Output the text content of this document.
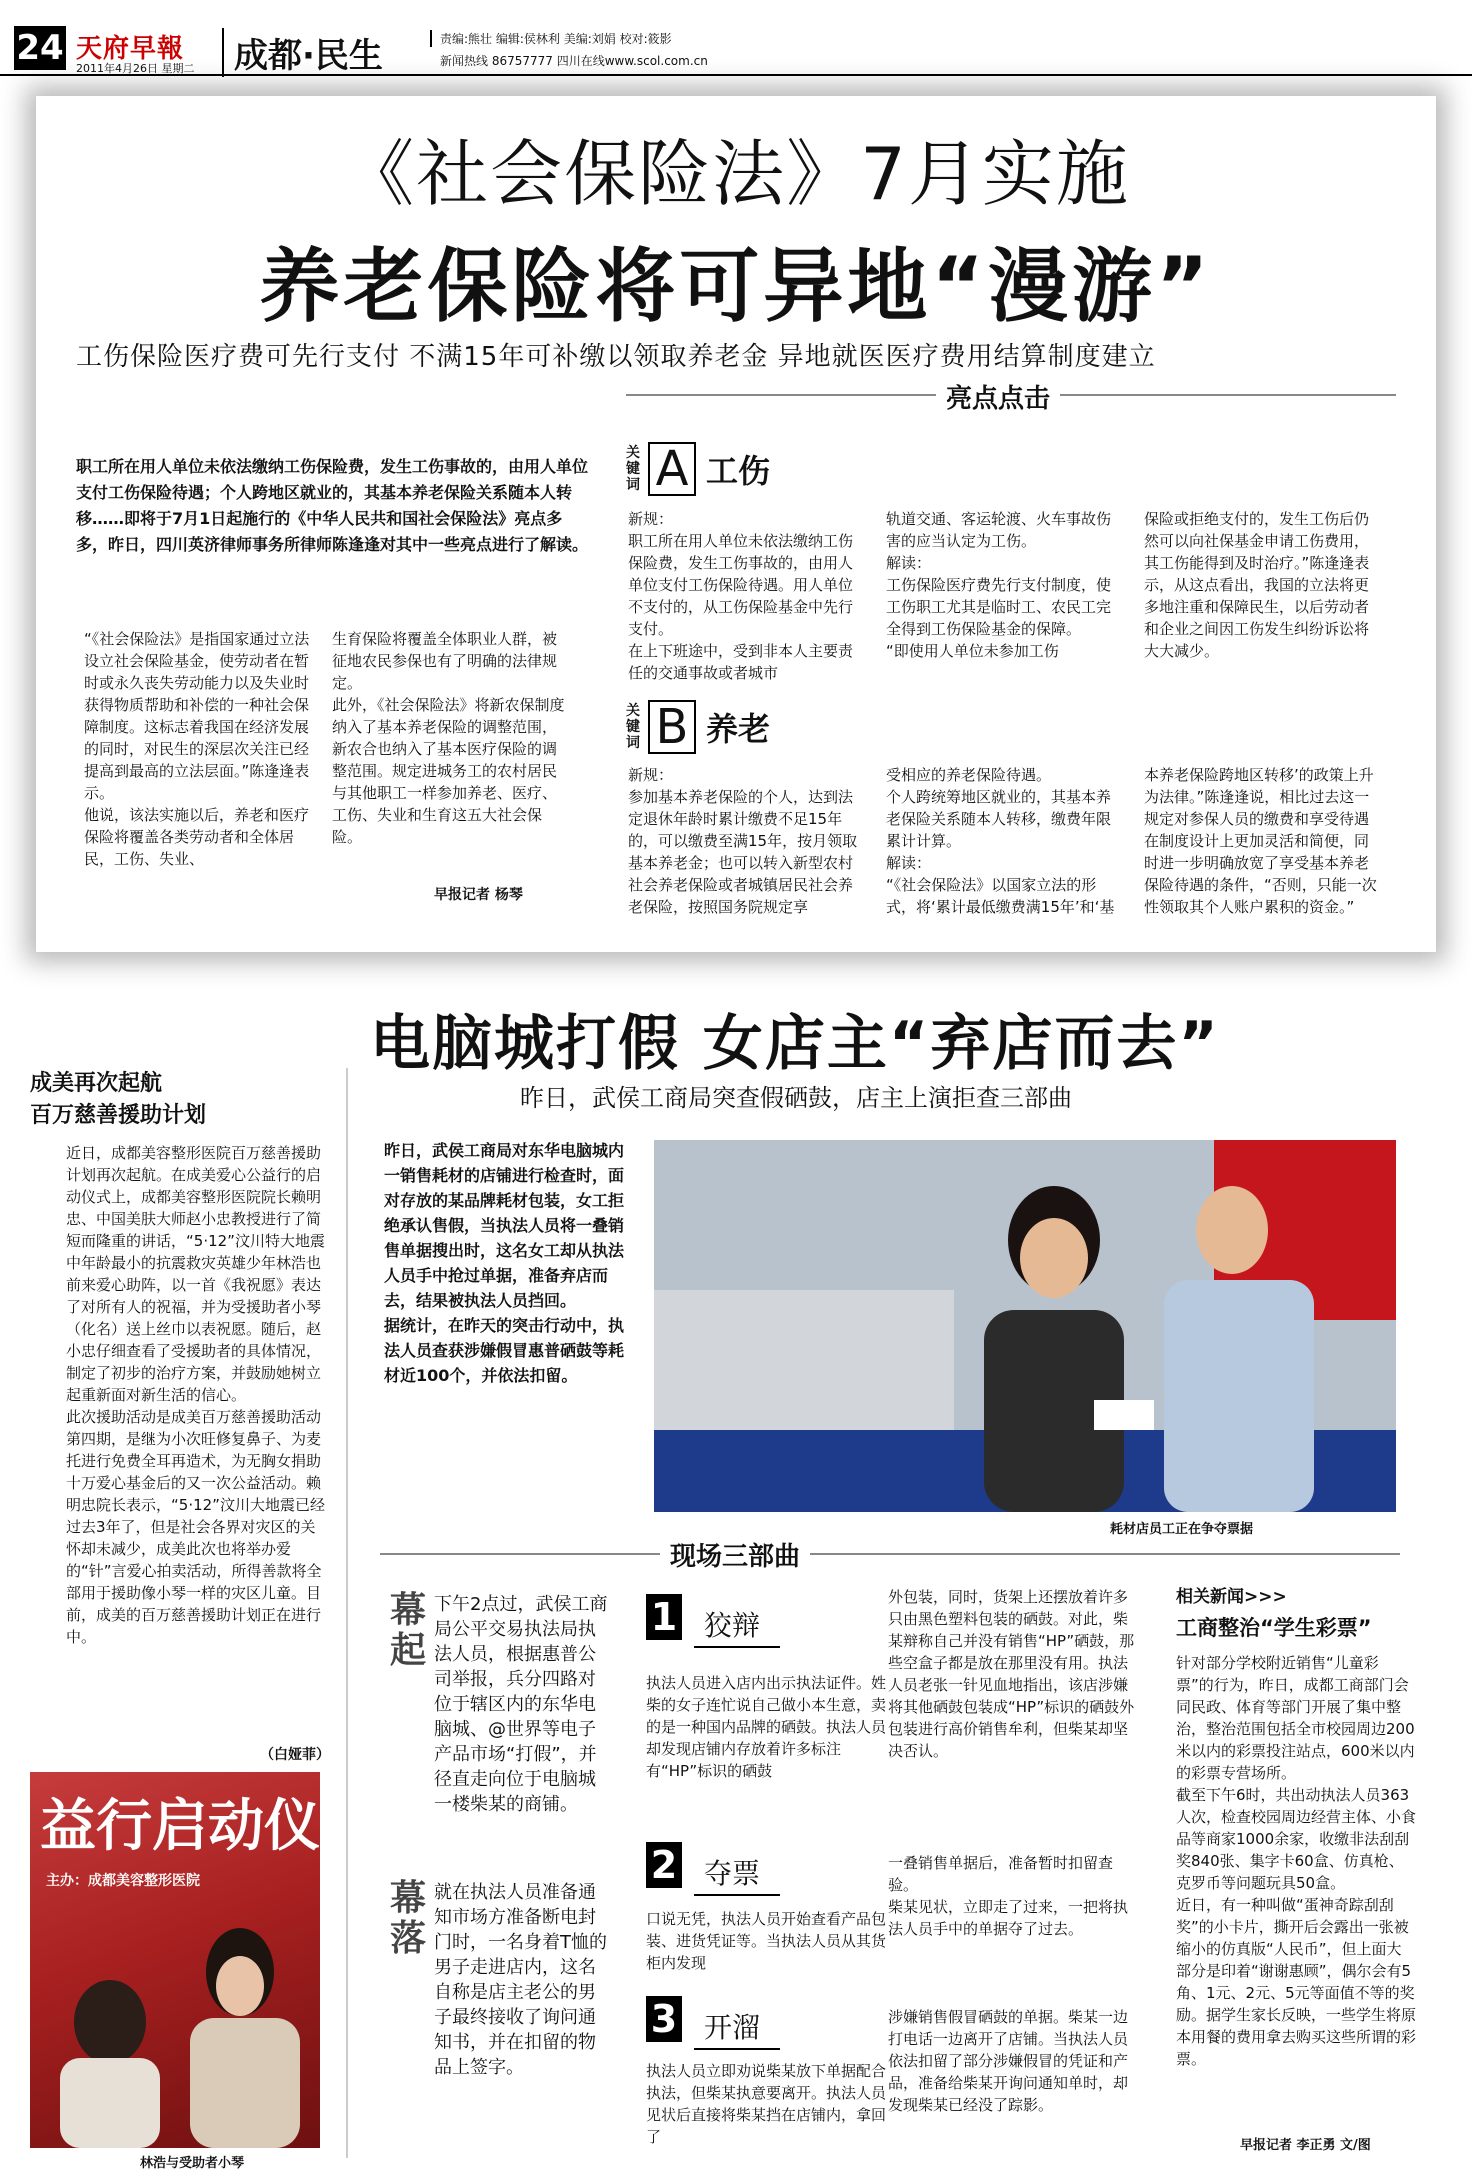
24 天府早報
2011年4月26日 星期二	成都·民生	责编:熊壮 编辑:侯林利 美编:刘娟 校对:筱影
新闻热线 86757777 四川在线www.scol.com.cn
《社会保险法》7月实施
养老保险将可异地“漫游”
工伤保险医疗费可先行支付 不满15年可补缴以领取养老金 异地就医医疗费用结算制度建立
亮点点击
职工所在用人单位未依法缴纳工伤保险费，发生工伤事故的，由用人单位支付工伤保险待遇；个人跨地区就业的，其基本养老保险关系随本人转移……即将于7月1日起施行的《中华人民共和国社会保险法》亮点多多，昨日，四川英济律师事务所律师陈逢逢对其中一些亮点进行了解读。
“《社会保险法》是指国家通过立法设立社会保险基金，使劳动者在暂时或永久丧失劳动能力以及失业时获得物质帮助和补偿的一种社会保障制度。这标志着我国在经济发展的同时，对民生的深层次关注已经提高到最高的立法层面。”陈逢逢表示。
他说，该法实施以后，养老和医疗保险将覆盖各类劳动者和全体居民，工伤、失业、
生育保险将覆盖全体职业人群，被征地农民参保也有了明确的法律规定。
此外，《社会保险法》将新农保制度纳入了基本养老保险的调整范围，新农合也纳入了基本医疗保险的调整范围。规定进城务工的农村居民与其他职工一样参加养老、医疗、工伤、失业和生育这五大社会保险。
早报记者 杨琴
关键词 A 工伤
新规：
职工所在用人单位未依法缴纳工伤保险费，发生工伤事故的，由用人单位支付工伤保险待遇。用人单位不支付的，从工伤保险基金中先行支付。
在上下班途中，受到非本人主要责任的交通事故或者城市
轨道交通、客运轮渡、火车事故伤害的应当认定为工伤。
解读：
工伤保险医疗费先行支付制度，使工伤职工尤其是临时工、农民工完全得到工伤保险基金的保障。
“即使用人单位未参加工伤
保险或拒绝支付的，发生工伤后仍然可以向社保基金申请工伤费用，其工伤能得到及时治疗。”陈逢逢表示，从这点看出，我国的立法将更多地注重和保障民生，以后劳动者和企业之间因工伤发生纠纷诉讼将大大减少。
关键词 B 养老
新规：
参加基本养老保险的个人，达到法定退休年龄时累计缴费不足15年的，可以缴费至满15年，按月领取基本养老金；也可以转入新型农村社会养老保险或者城镇居民社会养老保险，按照国务院规定享
受相应的养老保险待遇。
个人跨统筹地区就业的，其基本养老保险关系随本人转移，缴费年限累计计算。
解读：
“《社会保险法》以国家立法的形式，将‘累计最低缴费满15年’和‘基
本养老保险跨地区转移’的政策上升为法律。”陈逢逢说，相比过去这一规定对参保人员的缴费和享受待遇在制度设计上更加灵活和简便，同时进一步明确放宽了享受基本养老保险待遇的条件，“否则，只能一次性领取其个人账户累积的资金。”
成美再次起航
百万慈善援助计划
近日，成都美容整形医院百万慈善援助计划再次起航。在成美爱心公益行的启动仪式上，成都美容整形医院院长赖明忠、中国美肤大师赵小忠教授进行了简短而隆重的讲话，“5·12”汶川特大地震中年龄最小的抗震救灾英雄少年林浩也前来爱心助阵，以一首《我祝愿》表达了对所有人的祝福，并为受援助者小琴（化名）送上丝巾以表祝愿。随后，赵小忠仔细查看了受援助者的具体情况，制定了初步的治疗方案，并鼓励她树立起重新面对新生活的信心。
此次援助活动是成美百万慈善援助活动第四期，是继为小次旺修复鼻子、为麦托进行免费全耳再造术，为无胸女捐助十万爱心基金后的又一次公益活动。赖明忠院长表示，“5·12”汶川大地震已经过去3年了，但是社会各界对灾区的关怀却未减少，成美此次也将举办爱的“针”言爱心拍卖活动，所得善款将全部用于援助像小琴一样的灾区儿童。目前，成美的百万慈善援助计划正在进行中。
（白娅菲）
益行启动仪
主办：成都美容整形医院
林浩与受助者小琴
电脑城打假 女店主“弃店而去”
昨日，武侯工商局突查假硒鼓，店主上演拒查三部曲
昨日，武侯工商局对东华电脑城内一销售耗材的店铺进行检查时，面对存放的某品牌耗材包装，女工拒绝承认售假，当执法人员将一叠销售单据搜出时，这名女工却从执法人员手中抢过单据，准备弃店而去，结果被执法人员挡回。
据统计，在昨天的突击行动中，执法人员查获涉嫌假冒惠普硒鼓等耗材近100个，并依法扣留。
耗材店员工正在争夺票据
现场三部曲
幕起
下午2点过，武侯工商局公平交易执法局执法人员，根据惠普公司举报，兵分四路对位于辖区内的东华电脑城、@世界等电子产品市场“打假”，并径直走向位于电脑城一楼柴某的商铺。
幕落
就在执法人员准备通知市场方准备断电封门时，一名身着T恤的男子走进店内，这名自称是店主老公的男子最终接收了询问通知书，并在扣留的物品上签字。
1 狡辩
执法人员进入店内出示执法证件。姓柴的女子连忙说自己做小本生意，卖的是一种国内品牌的硒鼓。执法人员却发现店铺内存放着许多标注有“HP”标识的硒鼓
外包装，同时，货架上还摆放着许多只由黑色塑料包装的硒鼓。对此，柴某辩称自己并没有销售“HP”硒鼓，那些空盒子都是放在那里没有用。执法人员老张一针见血地指出，该店涉嫌将其他硒鼓包装成“HP”标识的硒鼓外包装进行高价销售牟利，但柴某却坚决否认。
2 夺票
口说无凭，执法人员开始查看产品包装、进货凭证等。当执法人员从其货柜内发现
一叠销售单据后，准备暂时扣留查验。
柴某见状，立即走了过来，一把将执法人员手中的单据夺了过去。
3 开溜
执法人员立即劝说柴某放下单据配合执法，但柴某执意要离开。执法人员见状后直接将柴某挡在店铺内，拿回了
涉嫌销售假冒硒鼓的单据。柴某一边打电话一边离开了店铺。当执法人员依法扣留了部分涉嫌假冒的凭证和产品，准备给柴某开询问通知单时，却发现柴某已经没了踪影。
相关新闻>>>
工商整治“学生彩票”
针对部分学校附近销售“儿童彩票”的行为，昨日，成都工商部门会同民政、体育等部门开展了集中整治，整治范围包括全市校园周边200米以内的彩票投注站点，600米以内的彩票专营场所。
截至下午6时，共出动执法人员363人次，检查校园周边经营主体、小食品等商家1000余家，收缴非法刮刮奖840张、集字卡60盒、仿真枪、克罗币等问题玩具50盒。
近日，有一种叫做“蛋神奇踪刮刮奖”的小卡片，撕开后会露出一张被缩小的仿真版“人民币”，但上面大部分是印着“谢谢惠顾”，偶尔会有5角、1元、2元、5元等面值不等的奖励。据学生家长反映，一些学生将原本用餐的费用拿去购买这些所谓的彩票。
早报记者 李正勇 文/图
